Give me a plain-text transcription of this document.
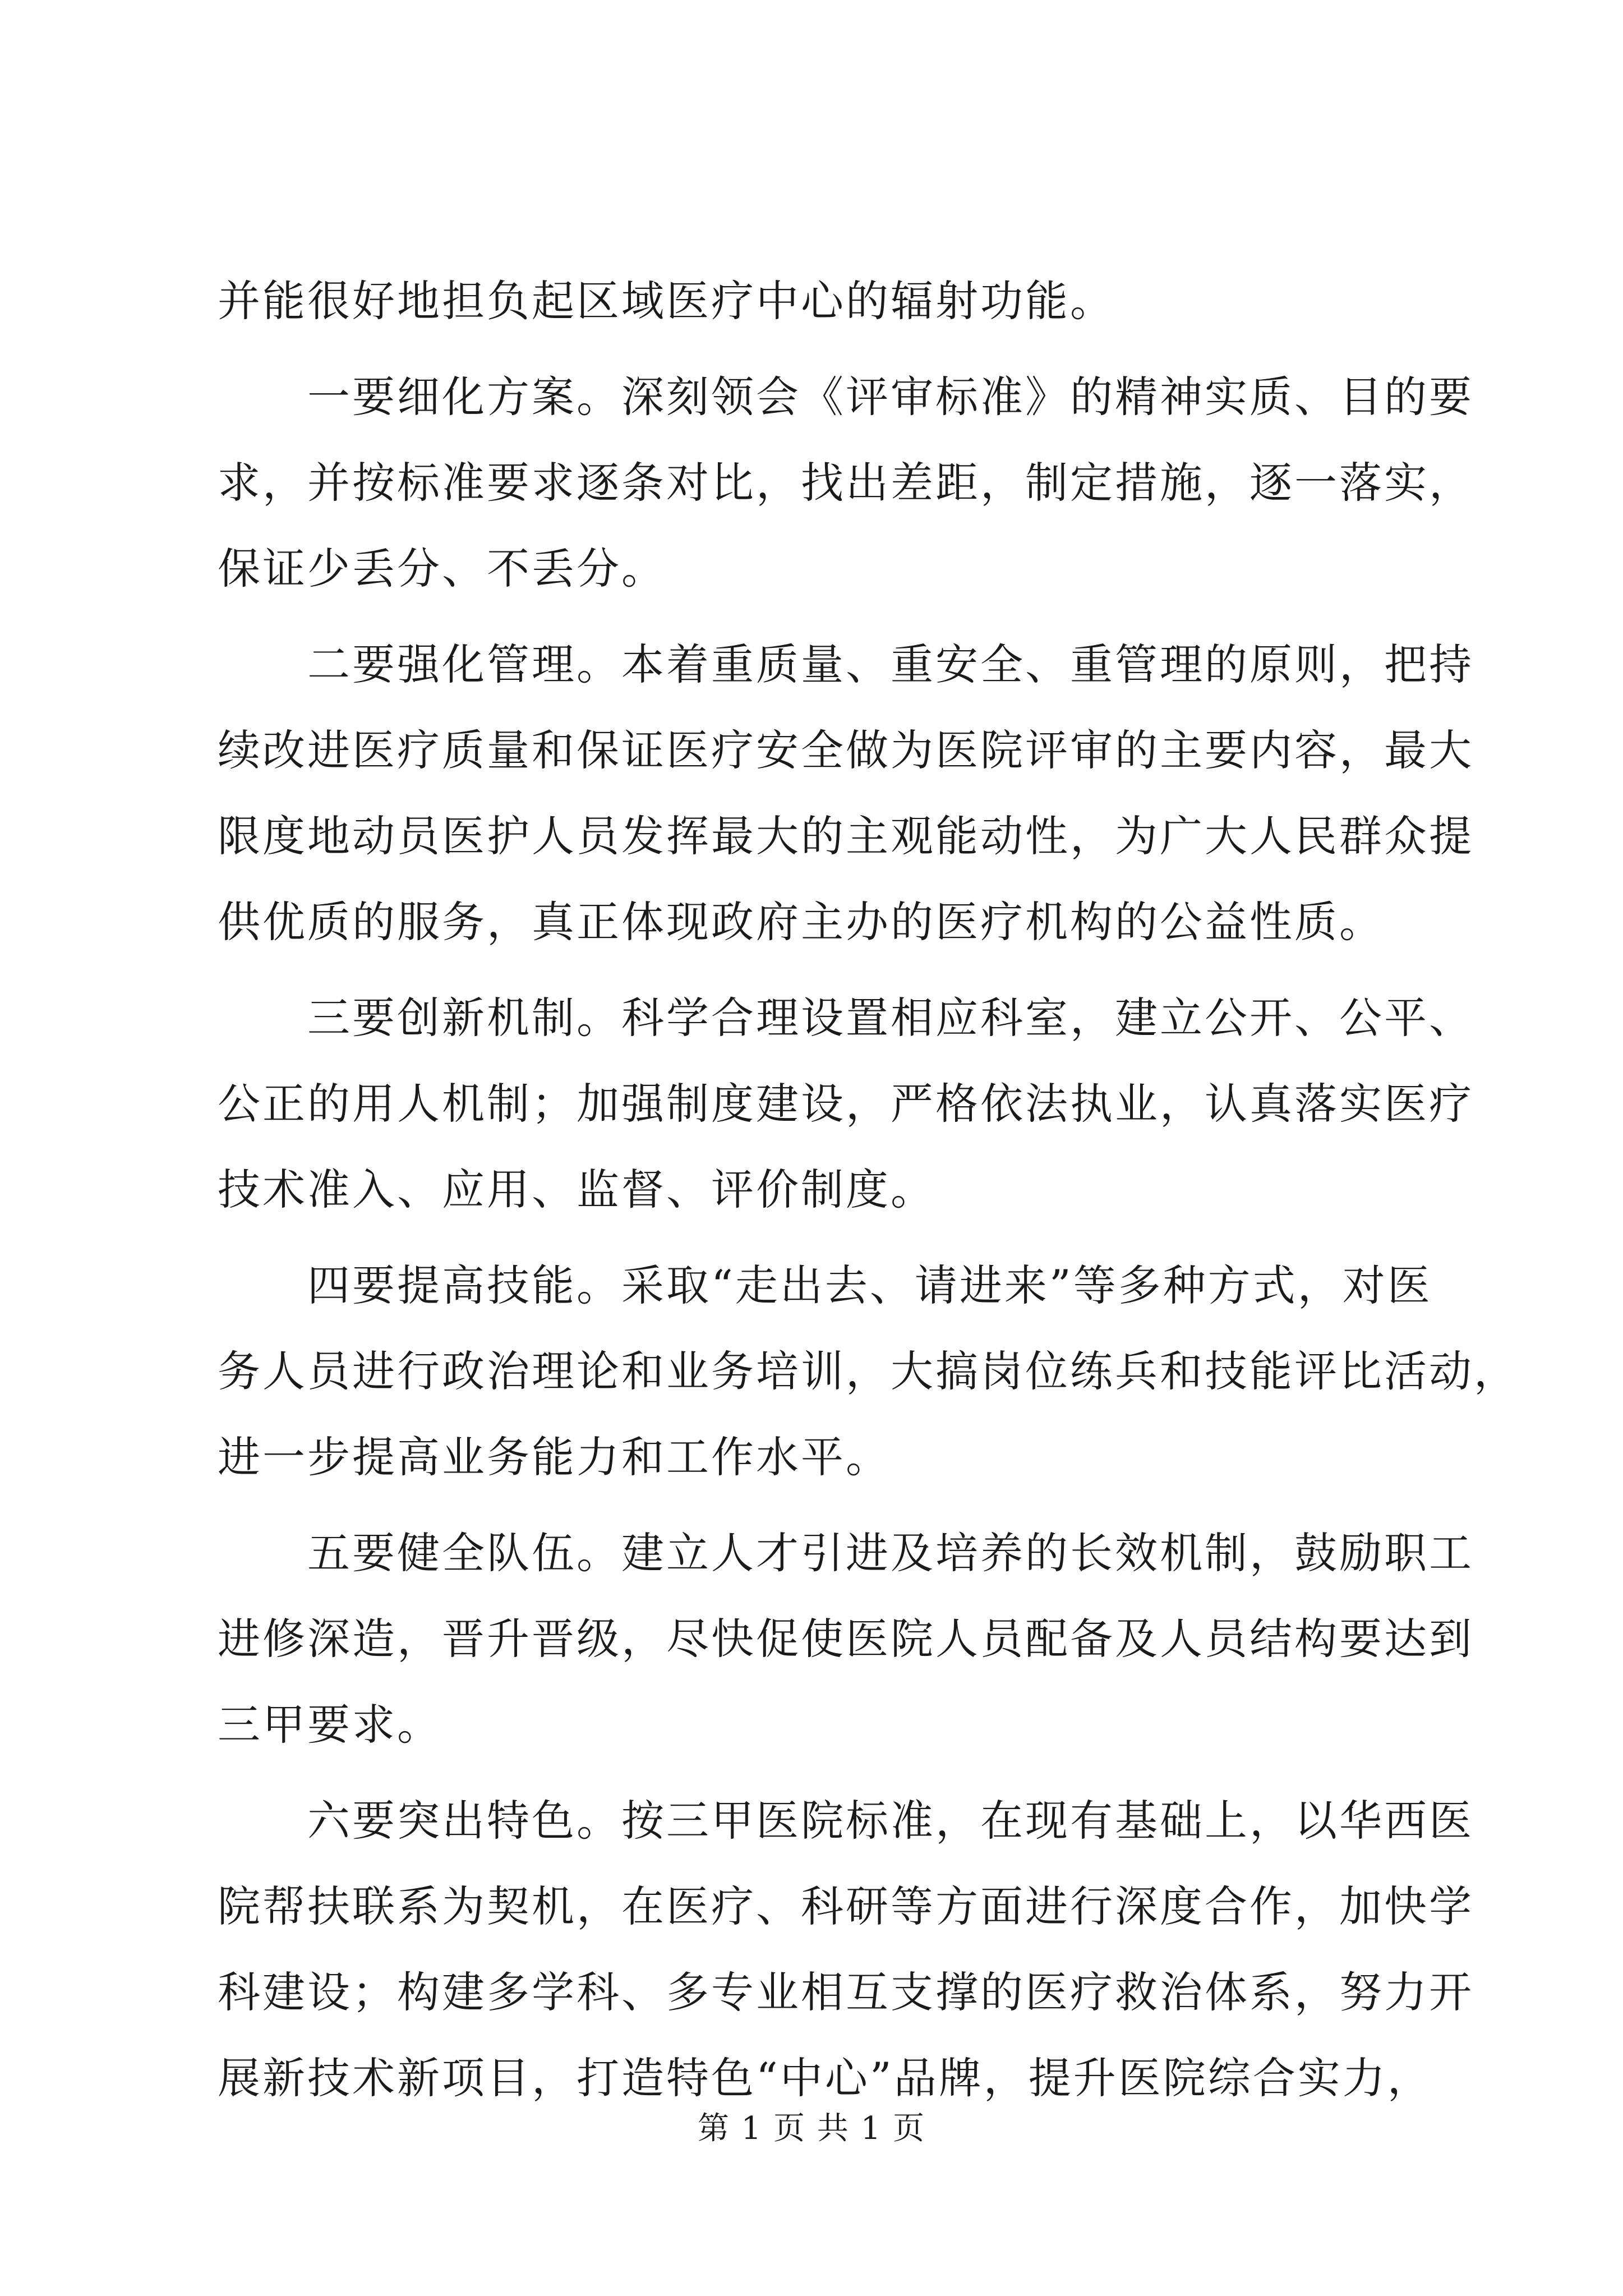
并能很好地担负起区域医疗中心的辐射功能。
一要细化方案。深刻领会《评审标准》的精神实质、目的要
求，并按标准要求逐条对比，找出差距，制定措施，逐一落实，
保证少丢分、不丢分。
二要强化管理。本着重质量、重安全、重管理的原则，把持
续改进医疗质量和保证医疗安全做为医院评审的主要内容，最大
限度地动员医护人员发挥最大的主观能动性，为广大人民群众提
供优质的服务，真正体现政府主办的医疗机构的公益性质。
三要创新机制。科学合理设置相应科室，建立公开、公平、
公正的用人机制；加强制度建设，严格依法执业，认真落实医疗
技术准入、应用、监督、评价制度。
四要提高技能。采取“走出去、请进来”等多种方式，对医
务人员进行政治理论和业务培训，大搞岗位练兵和技能评比活动，
进一步提高业务能力和工作水平。
五要健全队伍。建立人才引进及培养的长效机制，鼓励职工
进修深造，晋升晋级，尽快促使医院人员配备及人员结构要达到
三甲要求。
六要突出特色。按三甲医院标准，在现有基础上，以华西医
院帮扶联系为契机，在医疗、科研等方面进行深度合作，加快学
科建设；构建多学科、多专业相互支撑的医疗救治体系，努力开
展新技术新项目，打造特色“中心”品牌，提升医院综合实力，
第 1 页 共 1 页
